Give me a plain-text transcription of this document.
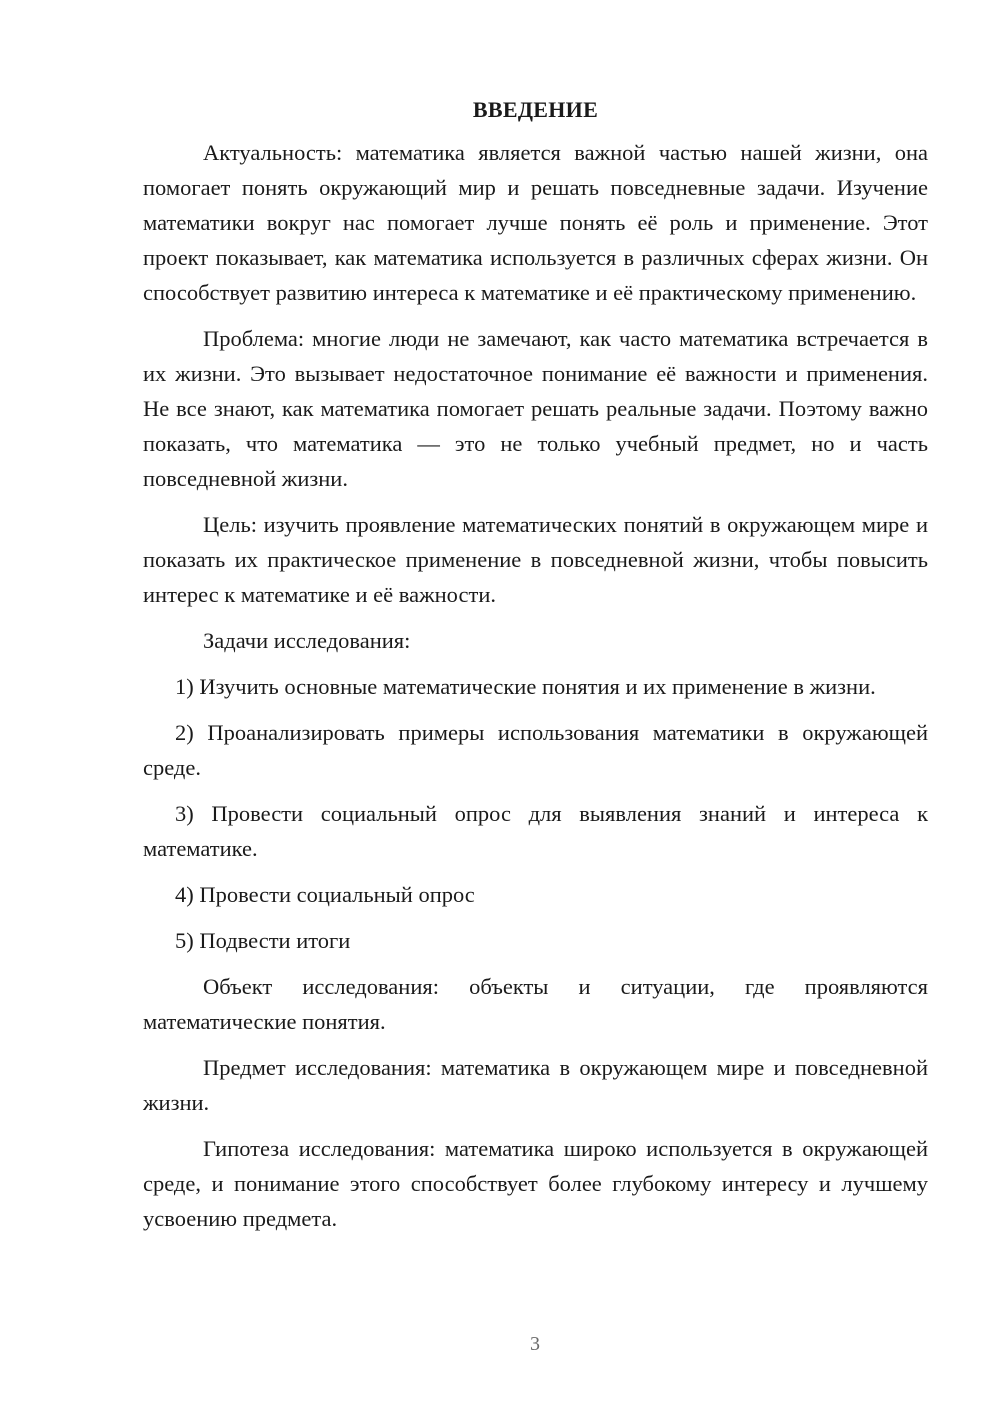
ВВЕДЕНИЕ

Актуальность: математика является важной частью нашей жизни, она помогает понять окружающий мир и решать повседневные задачи. Изучение математики вокруг нас помогает лучше понять её роль и применение. Этот проект показывает, как математика используется в различных сферах жизни. Он способствует развитию интереса к математике и её практическому применению.

Проблема: многие люди не замечают, как часто математика встречается в их жизни. Это вызывает недостаточное понимание её важности и применения. Не все знают, как математика помогает решать реальные задачи. Поэтому важно показать, что математика — это не только учебный предмет, но и часть повседневной жизни.

Цель: изучить проявление математических понятий в окружающем мире и показать их практическое применение в повседневной жизни, чтобы повысить интерес к математике и её важности.

Задачи исследования:

1) Изучить основные математические понятия и их применение в жизни.

2) Проанализировать примеры использования математики в окружающей среде.

3) Провести социальный опрос для выявления знаний и интереса к математике.

4) Провести социальный опрос

5) Подвести итоги

Объект исследования: объекты и ситуации, где проявляются математические понятия.

Предмет исследования: математика в окружающем мире и повседневной жизни.

Гипотеза исследования: математика широко используется в окружающей среде, и понимание этого способствует более глубокому интересу и лучшему усвоению предмета.

3
